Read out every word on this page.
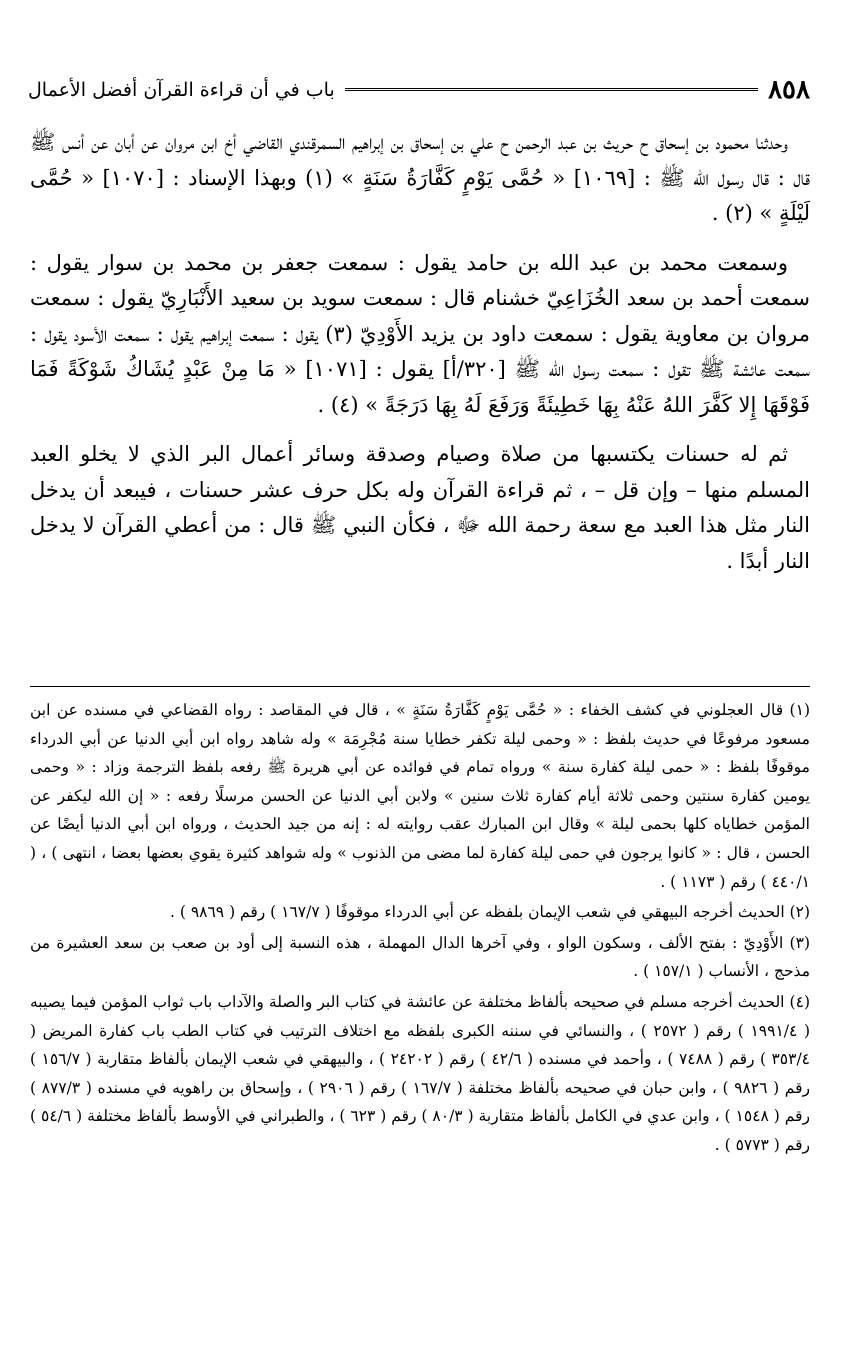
٨٥٨
باب في أن قراءة القرآن أفضل الأعمال

وحدثنا محمود بن إسحاق ح حريث بن عبد الرحمن ح علي بن إسحاق بن إبراهيم السمرقندي القاضي أخ ابن مروان عن أبان عن أنس ﷺ قال : قال رسول الله ﷺ : [١٠٦٩] « حُمَّى يَوْمٍ كَفَّارَةُ سَنَةٍ » (١) وبهذا الإسناد : [١٠٧٠] « حُمَّى لَيْلَةٍ » (٢) .

وسمعت محمد بن عبد الله بن حامد يقول : سمعت جعفر بن محمد بن سوار يقول : سمعت أحمد بن سعد الخُزَاعِيّ خشنام قال : سمعت سويد بن سعيد الأَنْبَارِيّ يقول : سمعت مروان بن معاوية يقول : سمعت داود بن يزيد الأَوْدِيّ (٣) يقول : سمعت إبراهيم يقول : سمعت الأسود يقول : سمعت عائشة ﷺ تقول : سمعت رسول الله ﷺ [٣٢٠/أ] يقول : [١٠٧١] « مَا مِنْ عَبْدٍ يُشَاكُ شَوْكَةً فَمَا فَوْقَهَا إِلا كَفَّرَ اللهُ عَنْهُ بِهَا خَطِيئَةً وَرَفَعَ لَهُ بِهَا دَرَجَةً » (٤) .

ثم له حسنات يكتسبها من صلاة وصيام وصدقة وسائر أعمال البر الذي لا يخلو العبد المسلم منها – وإن قل – ، ثم قراءة القرآن وله بكل حرف عشر حسنات ، فيبعد أن يدخل النار مثل هذا العبد مع سعة رحمة الله ﷻ ، فكأن النبي ﷺ قال : من أعطي القرآن لا يدخل النار أبدًا .

(١) قال العجلوني في كشف الخفاء : « حُمَّى يَوْمٍ كَفَّارَةُ سَنَةٍ » ، قال في المقاصد : رواه القضاعي في مسنده عن ابن مسعود مرفوعًا في حديث بلفظ : « وحمى ليلة تكفر خطايا سنة مُجْرِمَة » وله شاهد رواه ابن أبي الدنيا عن أبي الدرداء موقوفًا بلفظ : « حمى ليلة كفارة سنة » ورواه تمام في فوائده عن أبي هريرة ﷺ رفعه بلفظ الترجمة وزاد : « وحمى يومين كفارة سنتين وحمى ثلاثة أيام كفارة ثلاث سنين » ولابن أبي الدنيا عن الحسن مرسلًا رفعه : « إن الله ليكفر عن المؤمن خطاياه كلها بحمى ليلة » وقال ابن المبارك عقب روايته له : إنه من جيد الحديث ، ورواه ابن أبي الدنيا أيضًا عن الحسن ، قال : « كانوا يرجون في حمى ليلة كفارة لما مضى من الذنوب » وله شواهد كثيرة يقوي بعضها بعضا ، انتهى ) ، ( ٤٤٠/١ ) رقم ( ١١٧٣ ) .

(٢) الحديث أخرجه البيهقي في شعب الإيمان بلفظه عن أبي الدرداء موقوفًا ( ١٦٧/٧ ) رقم ( ٩٨٦٩ ) .

(٣) الأَوْدِيّ : بفتح الألف ، وسكون الواو ، وفي آخرها الدال المهملة ، هذه النسبة إلى أود بن صعب بن سعد العشيرة من مذحج ، الأنساب ( ١٥٧/١ ) .

(٤) الحديث أخرجه مسلم في صحيحه بألفاظ مختلفة عن عائشة في كتاب البر والصلة والآداب باب ثواب المؤمن فيما يصيبه ( ١٩٩١/٤ ) رقم ( ٢٥٧٢ ) ، والنسائي في سننه الكبرى بلفظه مع اختلاف الترتيب في كتاب الطب باب كفارة المريض ( ٣٥٣/٤ ) رقم ( ٧٤٨٨ ) ، وأحمد في مسنده ( ٤٢/٦ ) رقم ( ٢٤٢٠٢ ) ، والبيهقي في شعب الإيمان بألفاظ متقاربة ( ١٥٦/٧ ) رقم ( ٩٨٢٦ ) ، وابن حبان في صحيحه بألفاظ مختلفة ( ١٦٧/٧ ) رقم ( ٢٩٠٦ ) ، وإسحاق بن راهويه في مسنده ( ٨٧٧/٣ ) رقم ( ١٥٤٨ ) ، وابن عدي في الكامل بألفاظ متقاربة ( ٨٠/٣ ) رقم ( ٦٢٣ ) ، والطبراني في الأوسط بألفاظ مختلفة ( ٥٤/٦ ) رقم ( ٥٧٧٣ ) .
